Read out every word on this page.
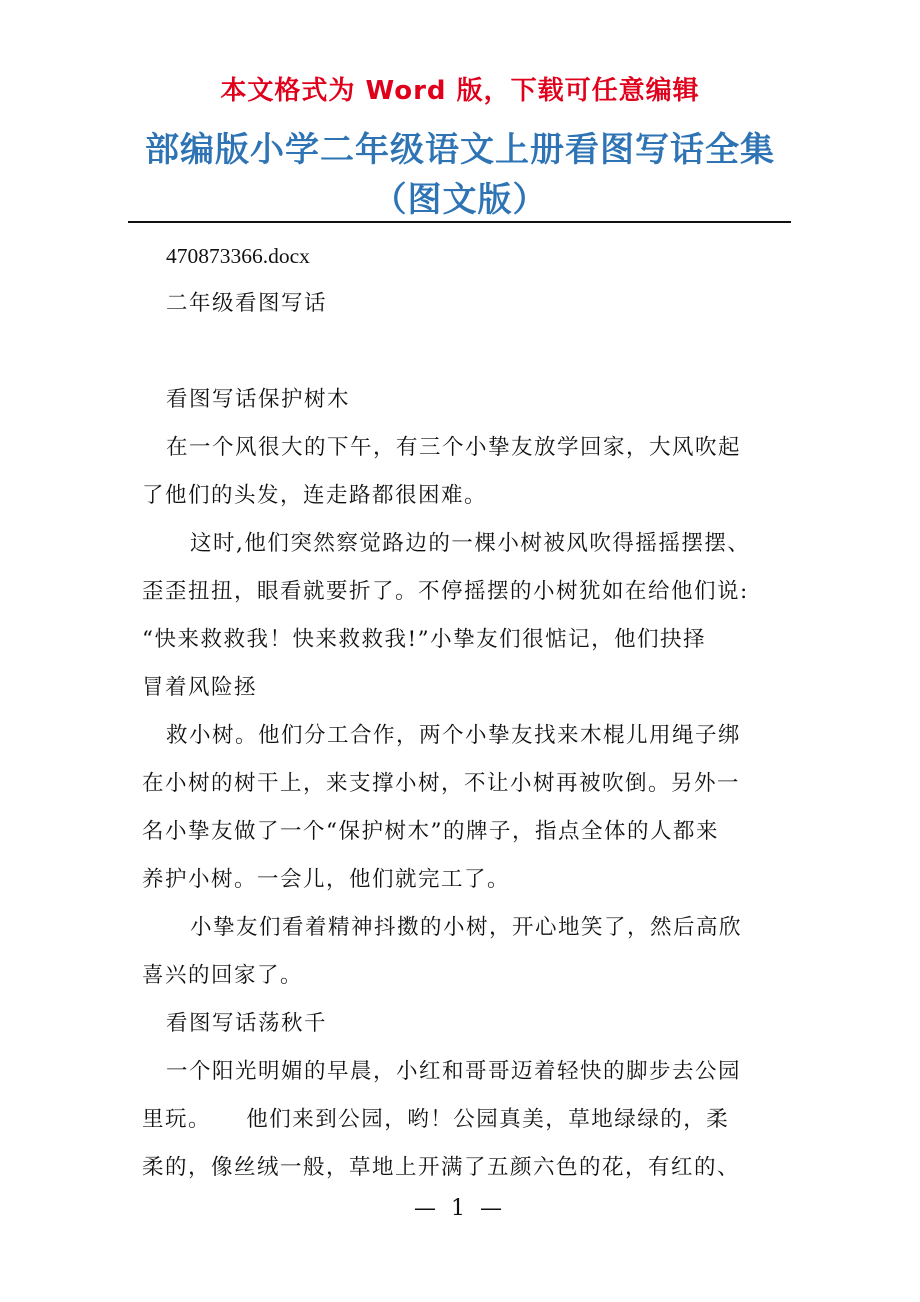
本文格式为 Word 版，下载可任意编辑
部编版小学二年级语文上册看图写话全集
（图文版）
470873366.docx
二年级看图写话
看图写话保护树木
在一个风很大的下午，有三个小挚友放学回家，大风吹起
了他们的头发，连走路都很困难。
这时,他们突然察觉路边的一棵小树被风吹得摇摇摆摆、
歪歪扭扭，眼看就要折了。不停摇摆的小树犹如在给他们说:
“快来救救我！快来救救我!”小挚友们很惦记，他们抉择
冒着风险拯
救小树。他们分工合作，两个小挚友找来木棍儿用绳子绑
在小树的树干上，来支撑小树，不让小树再被吹倒。另外一
名小挚友做了一个“保护树木”的牌子，指点全体的人都来
养护小树。一会儿，他们就完工了。
小挚友们看着精神抖擞的小树，开心地笑了，然后高欣
喜兴的回家了。
看图写话荡秋千
一个阳光明媚的早晨，小红和哥哥迈着轻快的脚步去公园
里玩。　　他们来到公园，哟！公园真美，草地绿绿的，柔
柔的，像丝绒一般，草地上开满了五颜六色的花，有红的、
— 1 —
